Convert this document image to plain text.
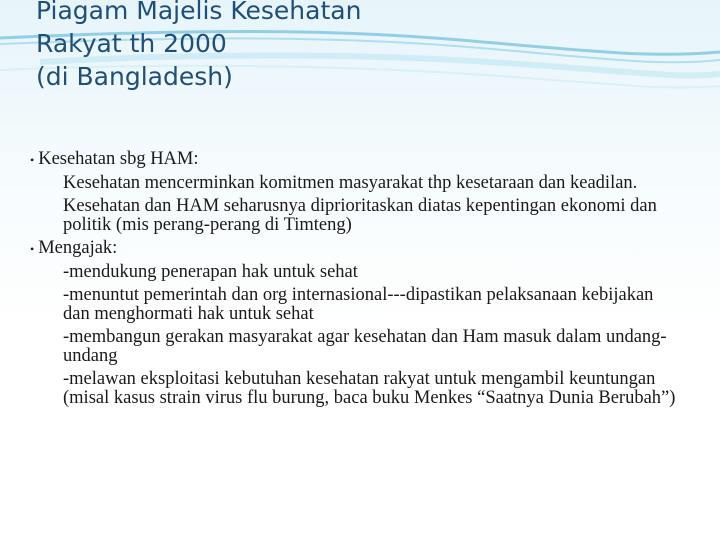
Piagam Majelis Kesehatan
Rakyat th 2000
(di Bangladesh)
• Kesehatan sbg HAM:
Kesehatan mencerminkan komitmen masyarakat thp kesetaraan dan keadilan.
Kesehatan dan HAM seharusnya diprioritaskan diatas kepentingan ekonomi dan politik (mis perang-perang di Timteng)
• Mengajak:
-mendukung penerapan hak untuk sehat
-menuntut pemerintah dan org internasional---dipastikan pelaksanaan kebijakan dan menghormati hak untuk sehat
-membangun gerakan masyarakat agar kesehatan dan Ham masuk dalam undang-undang
-melawan eksploitasi kebutuhan kesehatan rakyat untuk mengambil keuntungan (misal kasus strain virus flu burung, baca buku Menkes “Saatnya Dunia Berubah”)
